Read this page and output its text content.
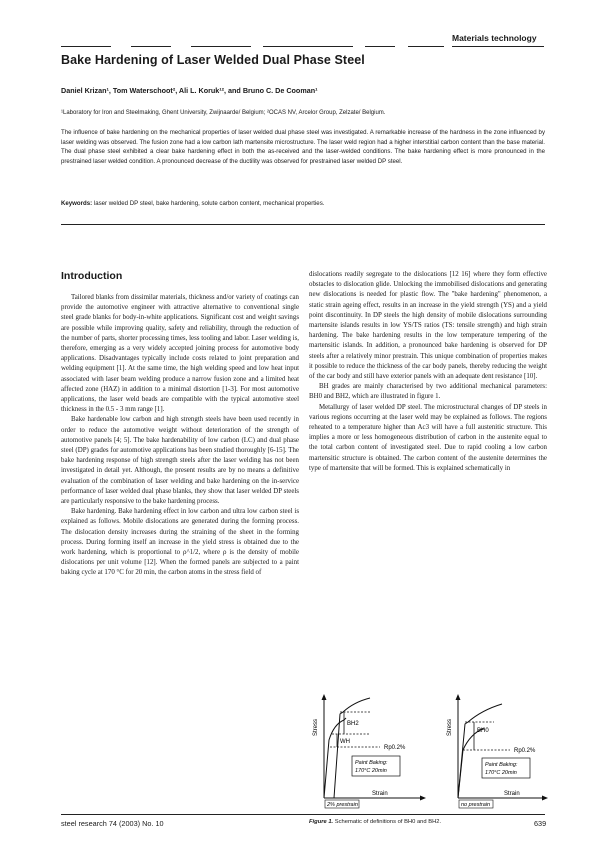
Materials technology
Bake Hardening of Laser Welded Dual Phase Steel
Daniel Krizan¹, Tom Waterschoot², Ali L. Koruk¹², and Bruno C. De Cooman¹
¹Laboratory for Iron and Steelmaking, Ghent University, Zwijnaarde/ Belgium; ²OCAS NV, Arcelor Group, Zelzate/ Belgium.
The influence of bake hardening on the mechanical properties of laser welded dual phase steel was investigated. A remarkable increase of the hardness in the zone influenced by laser welding was observed. The fusion zone had a low carbon lath martensite microstructure. The laser weld region had a higher interstitial carbon content than the base material. The dual phase steel exhibited a clear bake hardening effect in both the as-received and the laser-welded conditions. The bake hardening effect is more pronounced in the prestrained laser welded condition. A pronounced decrease of the ductility was observed for prestrained laser welded DP steel.
Keywords: laser welded DP steel, bake hardening, solute carbon content, mechanical properties.
Introduction

Tailored blanks from dissimilar materials, thickness and/or variety of coatings can provide the automotive engineer with attractive alternative to conventional single steel grade blanks for body-in-white applications. Significant cost and weight savings are possible while improving quality, safety and reliability, through the reduction of the number of parts, shorter processing times, less tooling and labor. Laser welding is, therefore, emerging as a very widely accepted joining process for automotive body applications. Disadvantages typically include costs related to joint preparation and welding equipment [1]. At the same time, the high welding speed and low heat input associated with laser beam welding produce a narrow fusion zone and a limited heat affected zone (HAZ) in addition to a minimal distortion [1-3]. For most automotive applications, the laser weld beads are compatible with the typical automotive steel thickness in the 0.5 - 3 mm range [1].

Bake hardenable low carbon and high strength steels have been used recently in order to reduce the automotive weight without deterioration of the strength of automotive panels [4; 5]. The bake hardenability of low carbon (LC) and dual phase steel (DP) grades for automotive applications has been studied thoroughly [6-15]. The bake hardening response of high strength steels after the laser welding has not been investigated in detail yet. Although, the present results are by no means a definitive evaluation of the combination of laser welding and bake hardening on the in-service performance of laser welded dual phase blanks, they show that laser welded DP steels are particularly responsive to the bake hardening process.

Bake hardening. Bake hardening effect in low carbon and ultra low carbon steel is explained as follows. Mobile dislocations are generated during the forming process. The dislocation density increases during the straining of the sheet in the forming process. During forming itself an increase in the yield stress is obtained due to the work hardening, which is proportional to ρ^1/2, where ρ is the density of mobile dislocations per unit volume [12]. When the formed panels are subjected to a paint baking cycle at 170 °C for 20 min, the carbon atoms in the stress field of

dislocations readily segregate to the dislocations [12 16] where they form effective obstacles to dislocation glide. Unlocking the immobilised dislocations and generating new dislocations is needed for plastic flow. The "bake hardening" phenomenon, a static strain ageing effect, results in an increase in the yield strength (YS) and a yield point discontinuity. In DP steels the high density of mobile dislocations surrounding martensite islands results in low YS/TS ratios (TS: tensile strength) and high strain hardening. The bake hardening results in the low temperature tempering of the martensitic islands. In addition, a pronounced bake hardening is observed for DP steels after a relatively minor prestrain. This unique combination of properties makes it possible to reduce the thickness of the car body panels, thereby reducing the weight of the car body and still have exterior panels with an adequate dent resistance [10].

BH grades are mainly characterised by two additional mechanical parameters: BH0 and BH2, which are illustrated in figure 1.

Metallurgy of laser welded DP steel. The microstructural changes of DP steels in various regions occurring at the laser weld may be explained as follows. The regions reheated to a temperature higher than Ac3 will have a full austenitic structure. This implies a more or less homogeneous distribution of carbon in the austenite equal to the total carbon content of investigated steel. Due to rapid cooling a low carbon martensitic structure is obtained. The carbon content of the austenite determines the type of martensite that will be formed. This is explained schematically in

Stress
Strain
BH2
WH
Rp0.2%
Paint Baking:
170°C 20min
2% prestrain
Stress
Strain
BH0
Rp0.2%
Paint Baking:
170°C 20min
no prestrain
Figure 1. Schematic of definitions of BH0 and BH2.
steel research 74 (2003) No. 10	639
